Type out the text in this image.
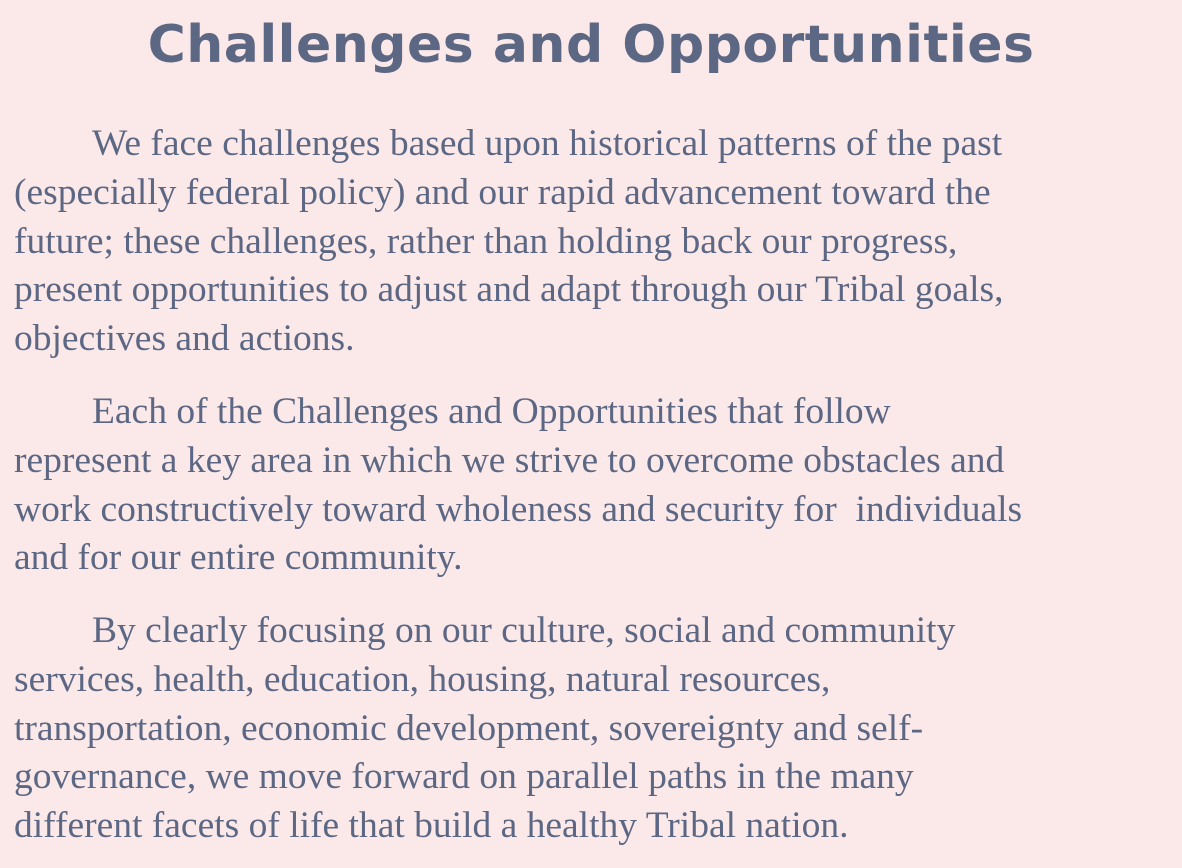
Challenges and Opportunities

We face challenges based upon historical patterns of the past
(especially federal policy) and our rapid advancement toward the
future; these challenges, rather than holding back our progress,
present opportunities to adjust and adapt through our Tribal goals,
objectives and actions.

Each of the Challenges and Opportunities that follow
represent a key area in which we strive to overcome obstacles and
work constructively toward wholeness and security for  individuals
and for our entire community.

By clearly focusing on our culture, social and community
services, health, education, housing, natural resources,
transportation, economic development, sovereignty and self-
governance, we move forward on parallel paths in the many
different facets of life that build a healthy Tribal nation.
